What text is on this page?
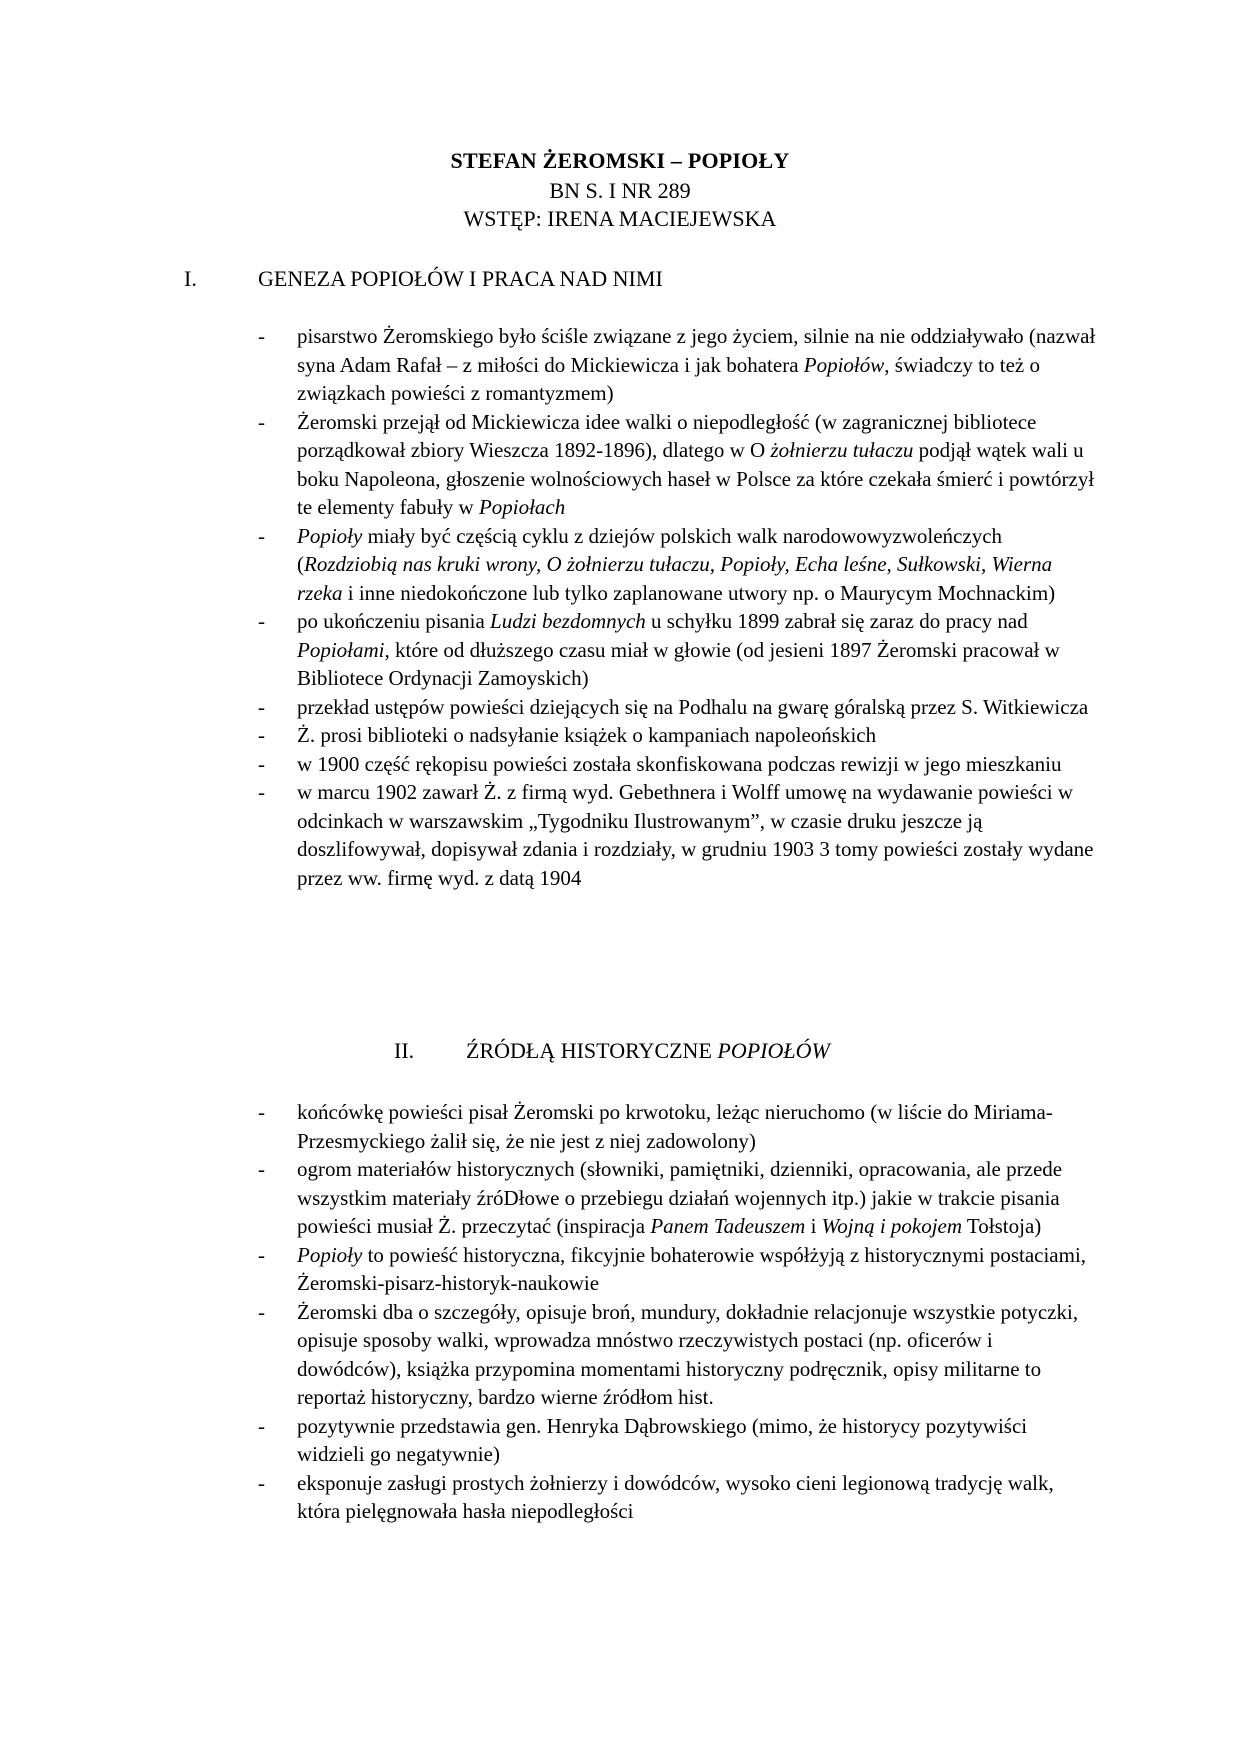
STEFAN ŻEROMSKI – POPIOŁY
BN S. I NR 289
WSTĘP: IRENA MACIEJEWSKA
I.	GENEZA POPIOŁÓW I PRACA NAD NIMI
- pisarstwo Żeromskiego było ściśle związane z jego życiem, silnie na nie oddziaływało (nazwał syna Adam Rafał – z miłości do Mickiewicza i jak bohatera Popiołów, świadczy to też o związkach powieści z romantyzmem)
- Żeromski przejął od Mickiewicza idee walki o niepodległość (w zagranicznej bibliotece porządkował zbiory Wieszcza 1892-1896), dlatego w O żołnierzu tułaczu podjął wątek wali u boku Napoleona, głoszenie wolnościowych haseł w Polsce za które czekała śmierć i powtórzył te elementy fabuły w Popiołach
- Popioły miały być częścią cyklu z dziejów polskich walk narodowowyzwoleńczych (Rozdziobią nas kruki wrony, O żołnierzu tułaczu, Popioły, Echa leśne, Sułkowski, Wierna rzeka i inne niedokończone lub tylko zaplanowane utwory np. o Maurycym Mochnackim)
- po ukończeniu pisania Ludzi bezdomnych u schyłku 1899 zabrał się zaraz do pracy nad Popiołami, które od dłuższego czasu miał w głowie (od jesieni 1897 Żeromski pracował w Bibliotece Ordynacji Zamoyskich)
- przekład ustępów powieści dziejących się na Podhalu na gwarę góralską przez S. Witkiewicza
- Ż. prosi biblioteki o nadsyłanie książek o kampaniach napoleońskich
- w 1900 część rękopisu powieści została skonfiskowana podczas rewizji w jego mieszkaniu
- w marcu 1902 zawarł Ż. z firmą wyd. Gebethnera i Wolff umowę na wydawanie powieści w odcinkach w warszawskim „Tygodniku Ilustrowanym”, w czasie druku jeszcze ją doszlifowywał, dopisywał zdania i rozdziały, w grudniu 1903 3 tomy powieści zostały wydane przez ww. firmę wyd. z datą 1904
II. ŹRÓDŁĄ HISTORYCZNE POPIOŁÓW
- końcówkę powieści pisał Żeromski po krwotoku, leżąc nieruchomo (w liście do Miriama-Przesmyckiego żalił się, że nie jest z niej zadowolony)
- ogrom materiałów historycznych (słowniki, pamiętniki, dzienniki, opracowania, ale przede wszystkim materiały źróDłowe o przebiegu działań wojennych itp.) jakie w trakcie pisania powieści musiał Ż. przeczytać (inspiracja Panem Tadeuszem i Wojną i pokojem Tołstoja)
- Popioły to powieść historyczna, fikcyjnie bohaterowie współżyją z historycznymi postaciami, Żeromski-pisarz-historyk-naukowie
- Żeromski dba o szczegóły, opisuje broń, mundury, dokładnie relacjonuje wszystkie potyczki, opisuje sposoby walki, wprowadza mnóstwo rzeczywistych postaci (np. oficerów i dowódców), książka przypomina momentami historyczny podręcznik, opisy militarne to reportaż historyczny, bardzo wierne źródłom hist.
- pozytywnie przedstawia gen. Henryka Dąbrowskiego (mimo, że historycy pozytywiści widzieli go negatywnie)
- eksponuje zasługi prostych żołnierzy i dowódców, wysoko cieni legionową tradycję walk, która pielęgnowała hasła niepodległości
